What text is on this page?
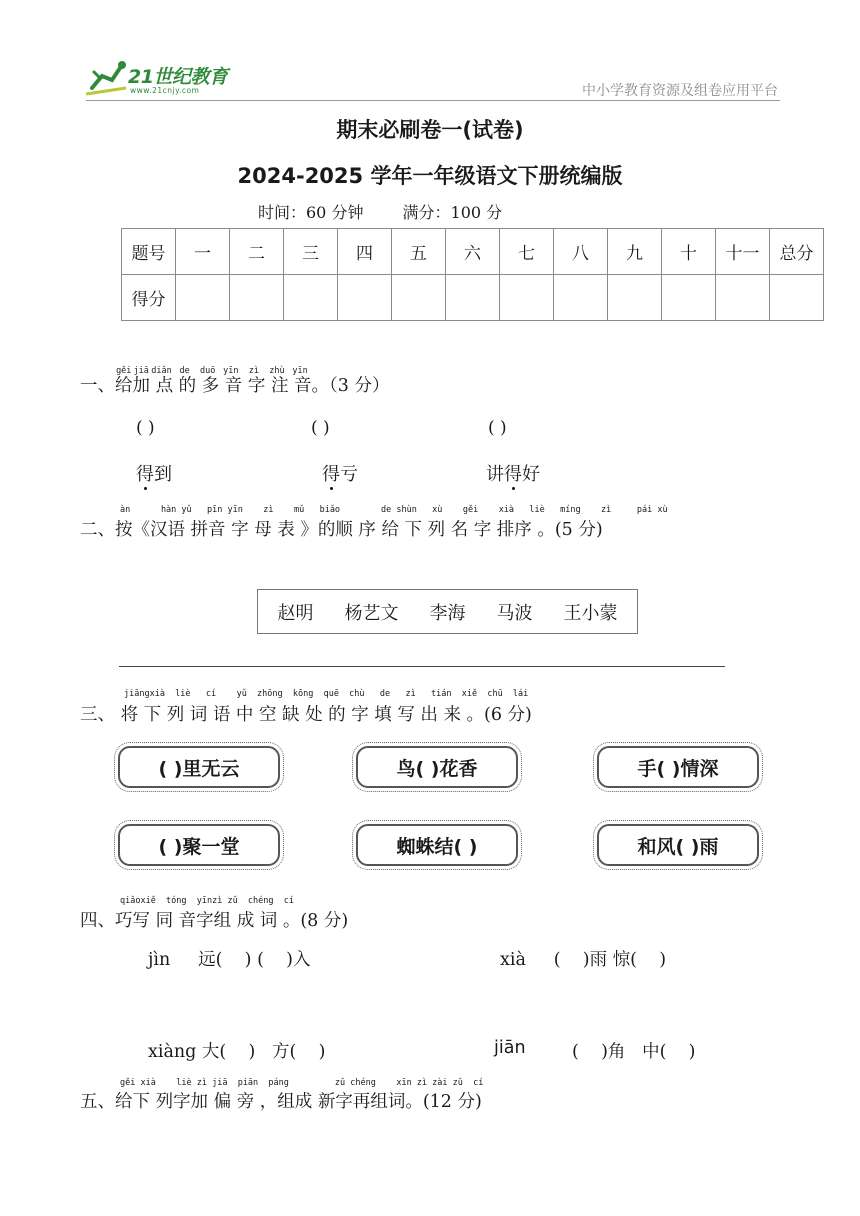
21世纪教育
www.21cnjy.com	中小学教育资源及组卷应用平台
期末必刷卷一(试卷)
2024-2025 学年一年级语文下册统编版
时间：60 分钟 满分：100 分
题号	一	二	三	四	五	六	七	八	九	十	十一	总分
得分												
一、给gěi加jiā 点diǎn 的de 多duō 音yīn 字zì 注zhù 音yīn。（3 分）
( )	( )	( )
得到	得亏	讲得好
àn      hàn yǔ   pīn yīn    zì    mǔ   biǎo        de shùn   xù    gěi    xià   liè   míng    zì     pái xù
二、按《汉语 拼音 字 母 表 》的顺 序 给 下 列 名 字 排序 。(5 分)
赵明 杨艺文 李海 马波 王小蒙
jiāngxià  liè   cí    yǔ  zhōng  kōng  quē  chù   de   zì   tián  xiě  chū  lái
三、 将 下 列 词 语 中 空 缺 处 的 字 填 写 出 来 。(6 分)
( )里无云	鸟( )花香	手( )情深
( )聚一堂	蜘蛛结( )	和风( )雨
qiǎoxiě  tóng  yīnzì zǔ  chéng  cí
四、巧写 同 音字组 成 词 。(8 分)
jìn     远(    ) (    )入	xià     (    )雨 惊(    )
xiàng 大(    )   方(    )	jiān	(    )角   中(    )
gěi xià    liè zì jiā  piān  páng         zǔ chéng    xīn zì zài zǔ  cí
五、给下 列字加 偏 旁 ，组成 新字再组词。(12 分)
